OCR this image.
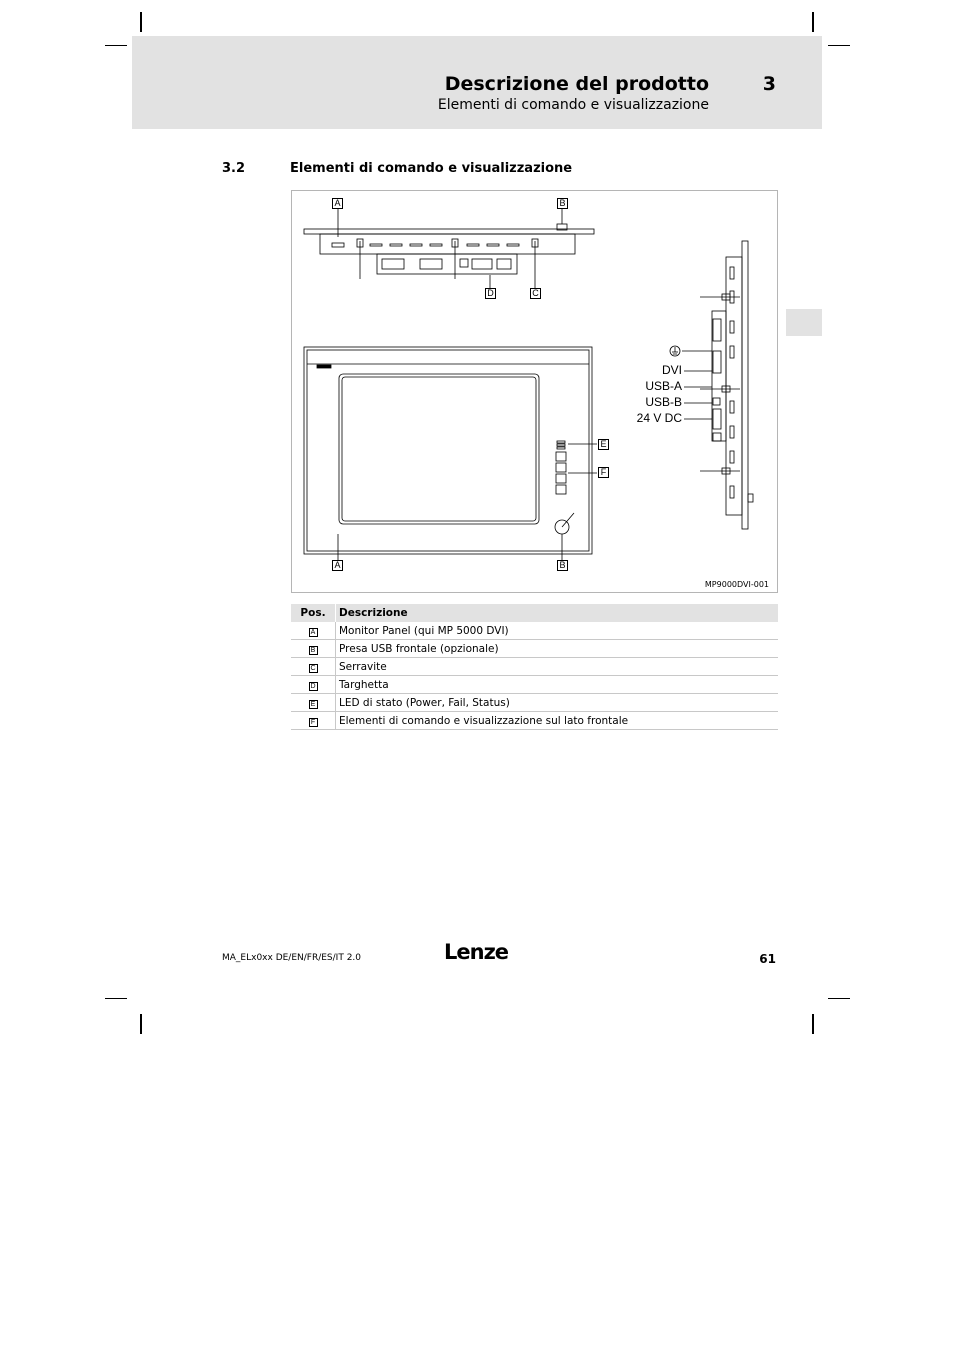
Descrizione del prodotto	3
Elementi di comando e visualizzazione
3.2	Elementi di comando e visualizzazione
A	B
D	C
E
F
A	B
DVI
USB-A
USB-B
24 V DC
MP9000DVI-001
Pos.	Descrizione
A	Monitor Panel (qui MP 5000 DVI)
B	Presa USB frontale (opzionale)
C	Serravite
D	Targhetta
E	LED di stato (Power, Fail, Status)
F	Elementi di comando e visualizzazione sul lato frontale
MA_ELx0xx DE/EN/FR/ES/IT 2.0	Lenze	61
